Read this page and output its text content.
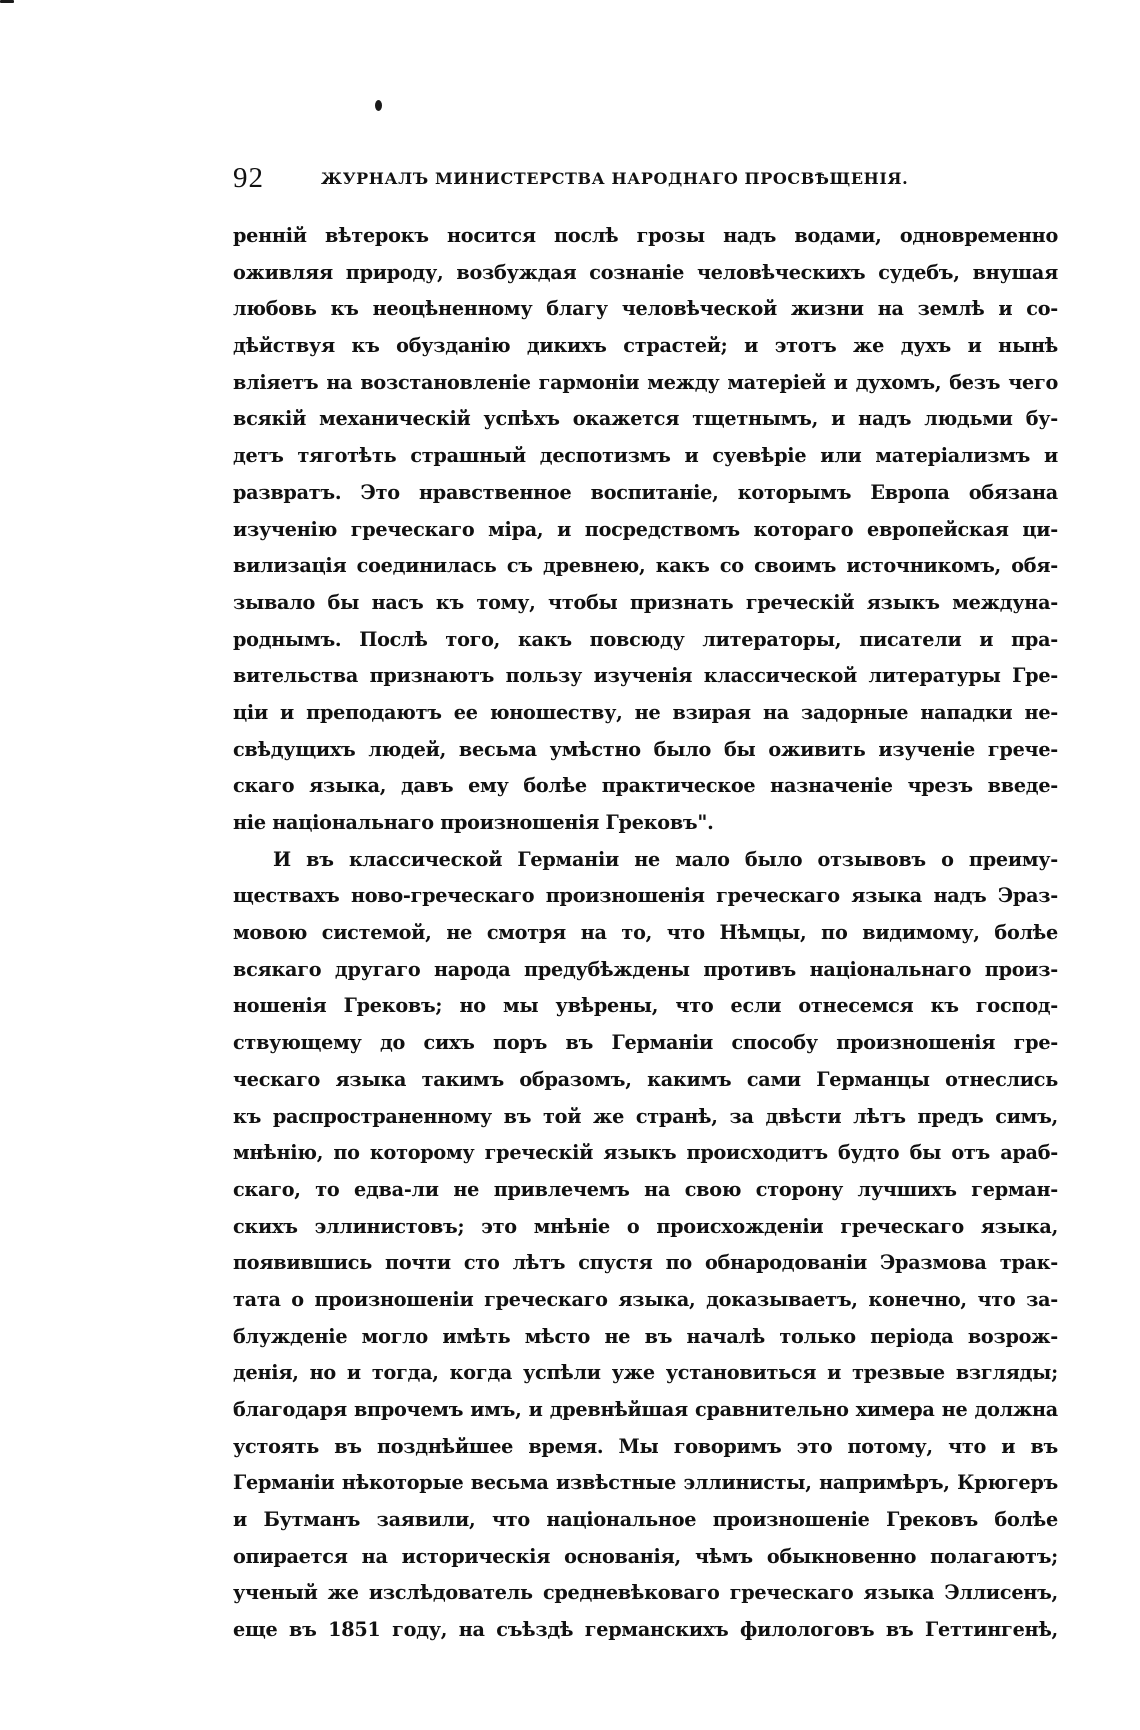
92	ЖУРНАЛЪ МИНИСТЕРСТВА НАРОДНАГО ПРОСВѢЩЕНІЯ.
ренній вѣтерокъ носится послѣ грозы надъ водами, одновременно
оживляя природу, возбуждая сознаніе человѣческихъ судебъ, внушая
любовь къ неоцѣненному благу человѣческой жизни на землѣ и со-
дѣйствуя къ обузданію дикихъ страстей; и этотъ же духъ и нынѣ
вліяетъ на возстановленіе гармоніи между матеріей и духомъ, безъ чего
всякій механическій успѣхъ окажется тщетнымъ, и надъ людьми бу-
детъ тяготѣть страшный деспотизмъ и суевѣріе или матеріализмъ и
развратъ. Это нравственное воспитаніе, которымъ Европа обязана
изученію греческаго міра, и посредствомъ котораго европейская ци-
вилизація соединилась съ древнею, какъ со своимъ источникомъ, обя-
зывало бы насъ къ тому, чтобы признать греческій языкъ междуна-
роднымъ. Послѣ того, какъ повсюду литераторы, писатели и пра-
вительства признаютъ пользу изученія классической литературы Гре-
ціи и преподаютъ ее юношеству, не взирая на задорные нападки не-
свѣдущихъ людей, весьма умѣстно было бы оживить изученіе грече-
скаго языка, давъ ему болѣе практическое назначеніе чрезъ введе-
ніе національнаго произношенія Грековъ".
И въ классической Германіи не мало было отзывовъ о преиму-
ществахъ ново-греческаго произношенія греческаго языка надъ Эраз-
мовою системой, не смотря на то, что Нѣмцы, по видимому, болѣе
всякаго другаго народа предубѣждены противъ національнаго произ-
ношенія Грековъ; но мы увѣрены, что если отнесемся къ господ-
ствующему до сихъ поръ въ Германіи способу произношенія гре-
ческаго языка такимъ образомъ, какимъ сами Германцы отнеслись
къ распространенному въ той же странѣ, за двѣсти лѣтъ предъ симъ,
мнѣнію, по которому греческій языкъ происходитъ будто бы отъ араб-
скаго, то едва-ли не привлечемъ на свою сторону лучшихъ герман-
скихъ эллинистовъ; это мнѣніе о происхожденіи греческаго языка,
появившись почти сто лѣтъ спустя по обнародованіи Эразмова трак-
тата о произношеніи греческаго языка, доказываетъ, конечно, что за-
блужденіе могло имѣть мѣсто не въ началѣ только періода возрож-
денія, но и тогда, когда успѣли уже установиться и трезвые взгляды;
благодаря впрочемъ имъ, и древнѣйшая сравнительно химера не должна
устоять въ позднѣйшее время. Мы говоримъ это потому, что и въ
Германіи нѣкоторые весьма извѣстные эллинисты, напримѣръ, Крюгеръ
и Бутманъ заявили, что національное произношеніе Грековъ болѣе
опирается на историческія основанія, чѣмъ обыкновенно полагаютъ;
ученый же изслѣдователь средневѣковаго греческаго языка Эллисенъ,
еще въ 1851 году, на съѣздѣ германскихъ филологовъ въ Геттингенѣ,
